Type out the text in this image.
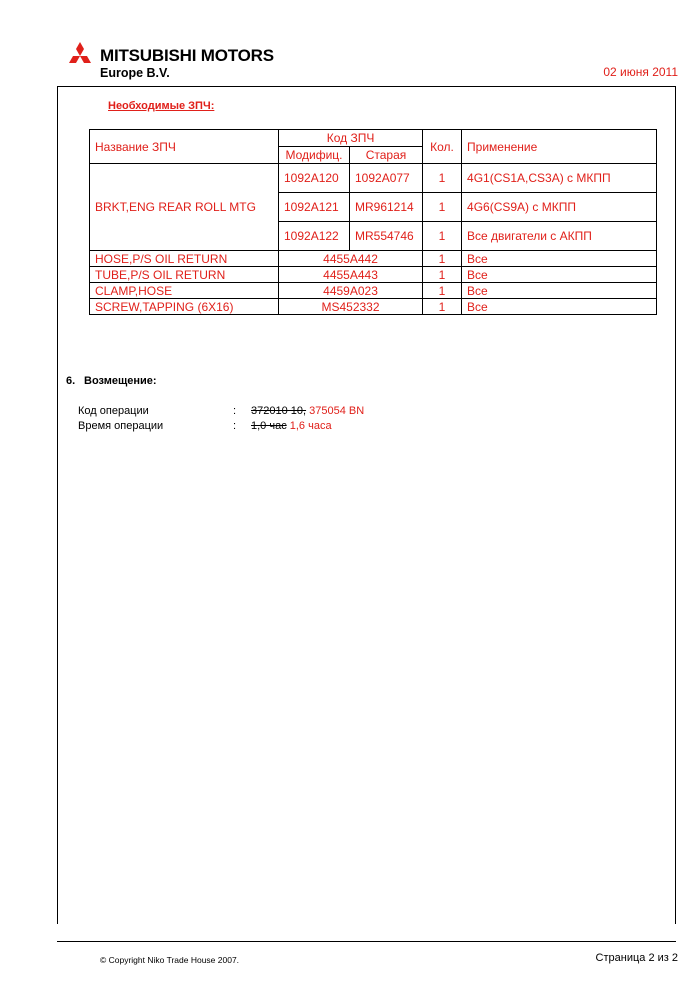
MITSUBISHI MOTORS
Europe B.V.	02 июня 2011
Необходимые ЗПЧ:
Название ЗПЧ	Код ЗПЧ		Кол.	Применение
	Модифиц.	Старая		
BRKT,ENG REAR ROLL MTG	1092A120	1092A077	1	4G1(CS1A,CS3A) с МКПП
	1092A121	MR961214	1	4G6(CS9A) с МКПП
	1092A122	MR554746	1	Все двигатели с АКПП
HOSE,P/S OIL RETURN	4455A442		1	Все
TUBE,P/S OIL RETURN	4455A443		1	Все
CLAMP,HOSE	4459A023		1	Все
SCREW,TAPPING (6X16)	MS452332		1	Все
6. Возмещение:
Код операции	: 372010 10, 375054 BN
Время операции	: 1,0 час 1,6 часа
© Copyright Niko Trade House 2007.	Страница 2 из 2
